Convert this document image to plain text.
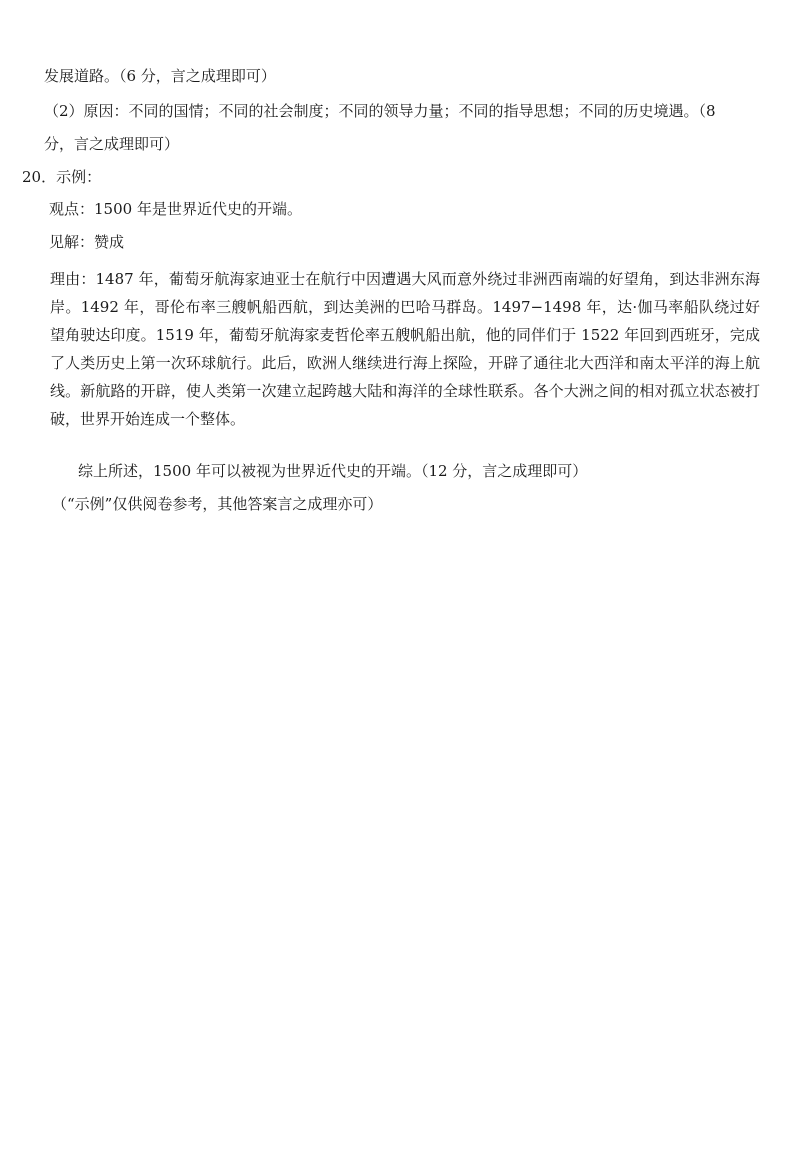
发展道路。（6 分，言之成理即可）
（2）原因：不同的国情；不同的社会制度；不同的领导力量；不同的指导思想；不同的历史境遇。（8
分，言之成理即可）
20．示例：
观点：1500 年是世界近代史的开端。
见解：赞成
理由：1487 年，葡萄牙航海家迪亚士在航行中因遭遇大风而意外绕过非洲西南端的好望角，到达非洲东海岸。1492 年，哥伦布率三艘帆船西航，到达美洲的巴哈马群岛。1497−1498 年，达·伽马率船队绕过好望角驶达印度。1519 年，葡萄牙航海家麦哲伦率五艘帆船出航，他的同伴们于 1522 年回到西班牙，完成了人类历史上第一次环球航行。此后，欧洲人继续进行海上探险，开辟了通往北大西洋和南太平洋的海上航线。新航路的开辟，使人类第一次建立起跨越大陆和海洋的全球性联系。各个大洲之间的相对孤立状态被打破，世界开始连成一个整体。
综上所述，1500 年可以被视为世界近代史的开端。（12 分，言之成理即可）
（“示例”仅供阅卷参考，其他答案言之成理亦可）
